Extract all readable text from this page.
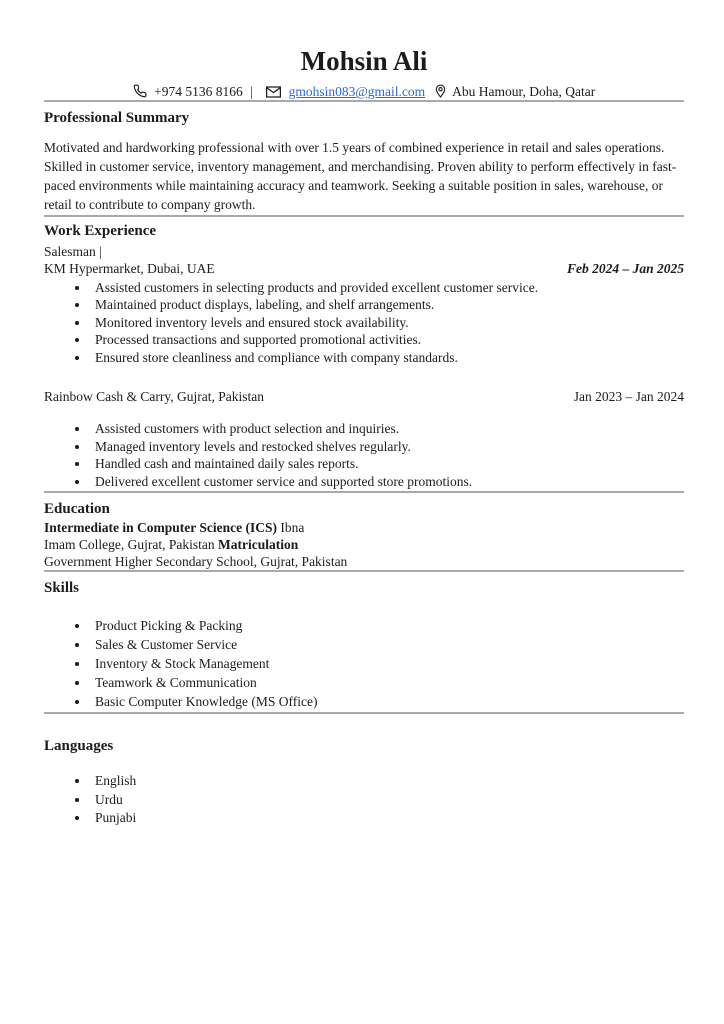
Mohsin Ali
+974 5136 8166 |	gmohsin083@gmail.com Abu Hamour, Doha, Qatar
Professional Summary

Motivated and hardworking professional with over 1.5 years of combined experience in retail and sales operations. Skilled in customer service, inventory management, and merchandising. Proven ability to perform effectively in fast-paced environments while maintaining accuracy and teamwork. Seeking a suitable position in sales, warehouse, or retail to contribute to company growth.

Work Experience
Salesman |
KM Hypermarket, Dubai, UAE	Feb 2024 – Jan 2025
• Assisted customers in selecting products and provided excellent customer service.
• Maintained product displays, labeling, and shelf arrangements.
• Monitored inventory levels and ensured stock availability.
• Processed transactions and supported promotional activities.
• Ensured store cleanliness and compliance with company standards.
Rainbow Cash & Carry, Gujrat, Pakistan	Jan 2023 – Jan 2024
• Assisted customers with product selection and inquiries.
• Managed inventory levels and restocked shelves regularly.
• Handled cash and maintained daily sales reports.
• Delivered excellent customer service and supported store promotions.
Education
Intermediate in Computer Science (ICS) Ibna
Imam College, Gujrat, Pakistan Matriculation
Government Higher Secondary School, Gujrat, Pakistan
Skills
• Product Picking & Packing
• Sales & Customer Service
• Inventory & Stock Management
• Teamwork & Communication
• Basic Computer Knowledge (MS Office)
Languages
• English
• Urdu
• Punjabi
